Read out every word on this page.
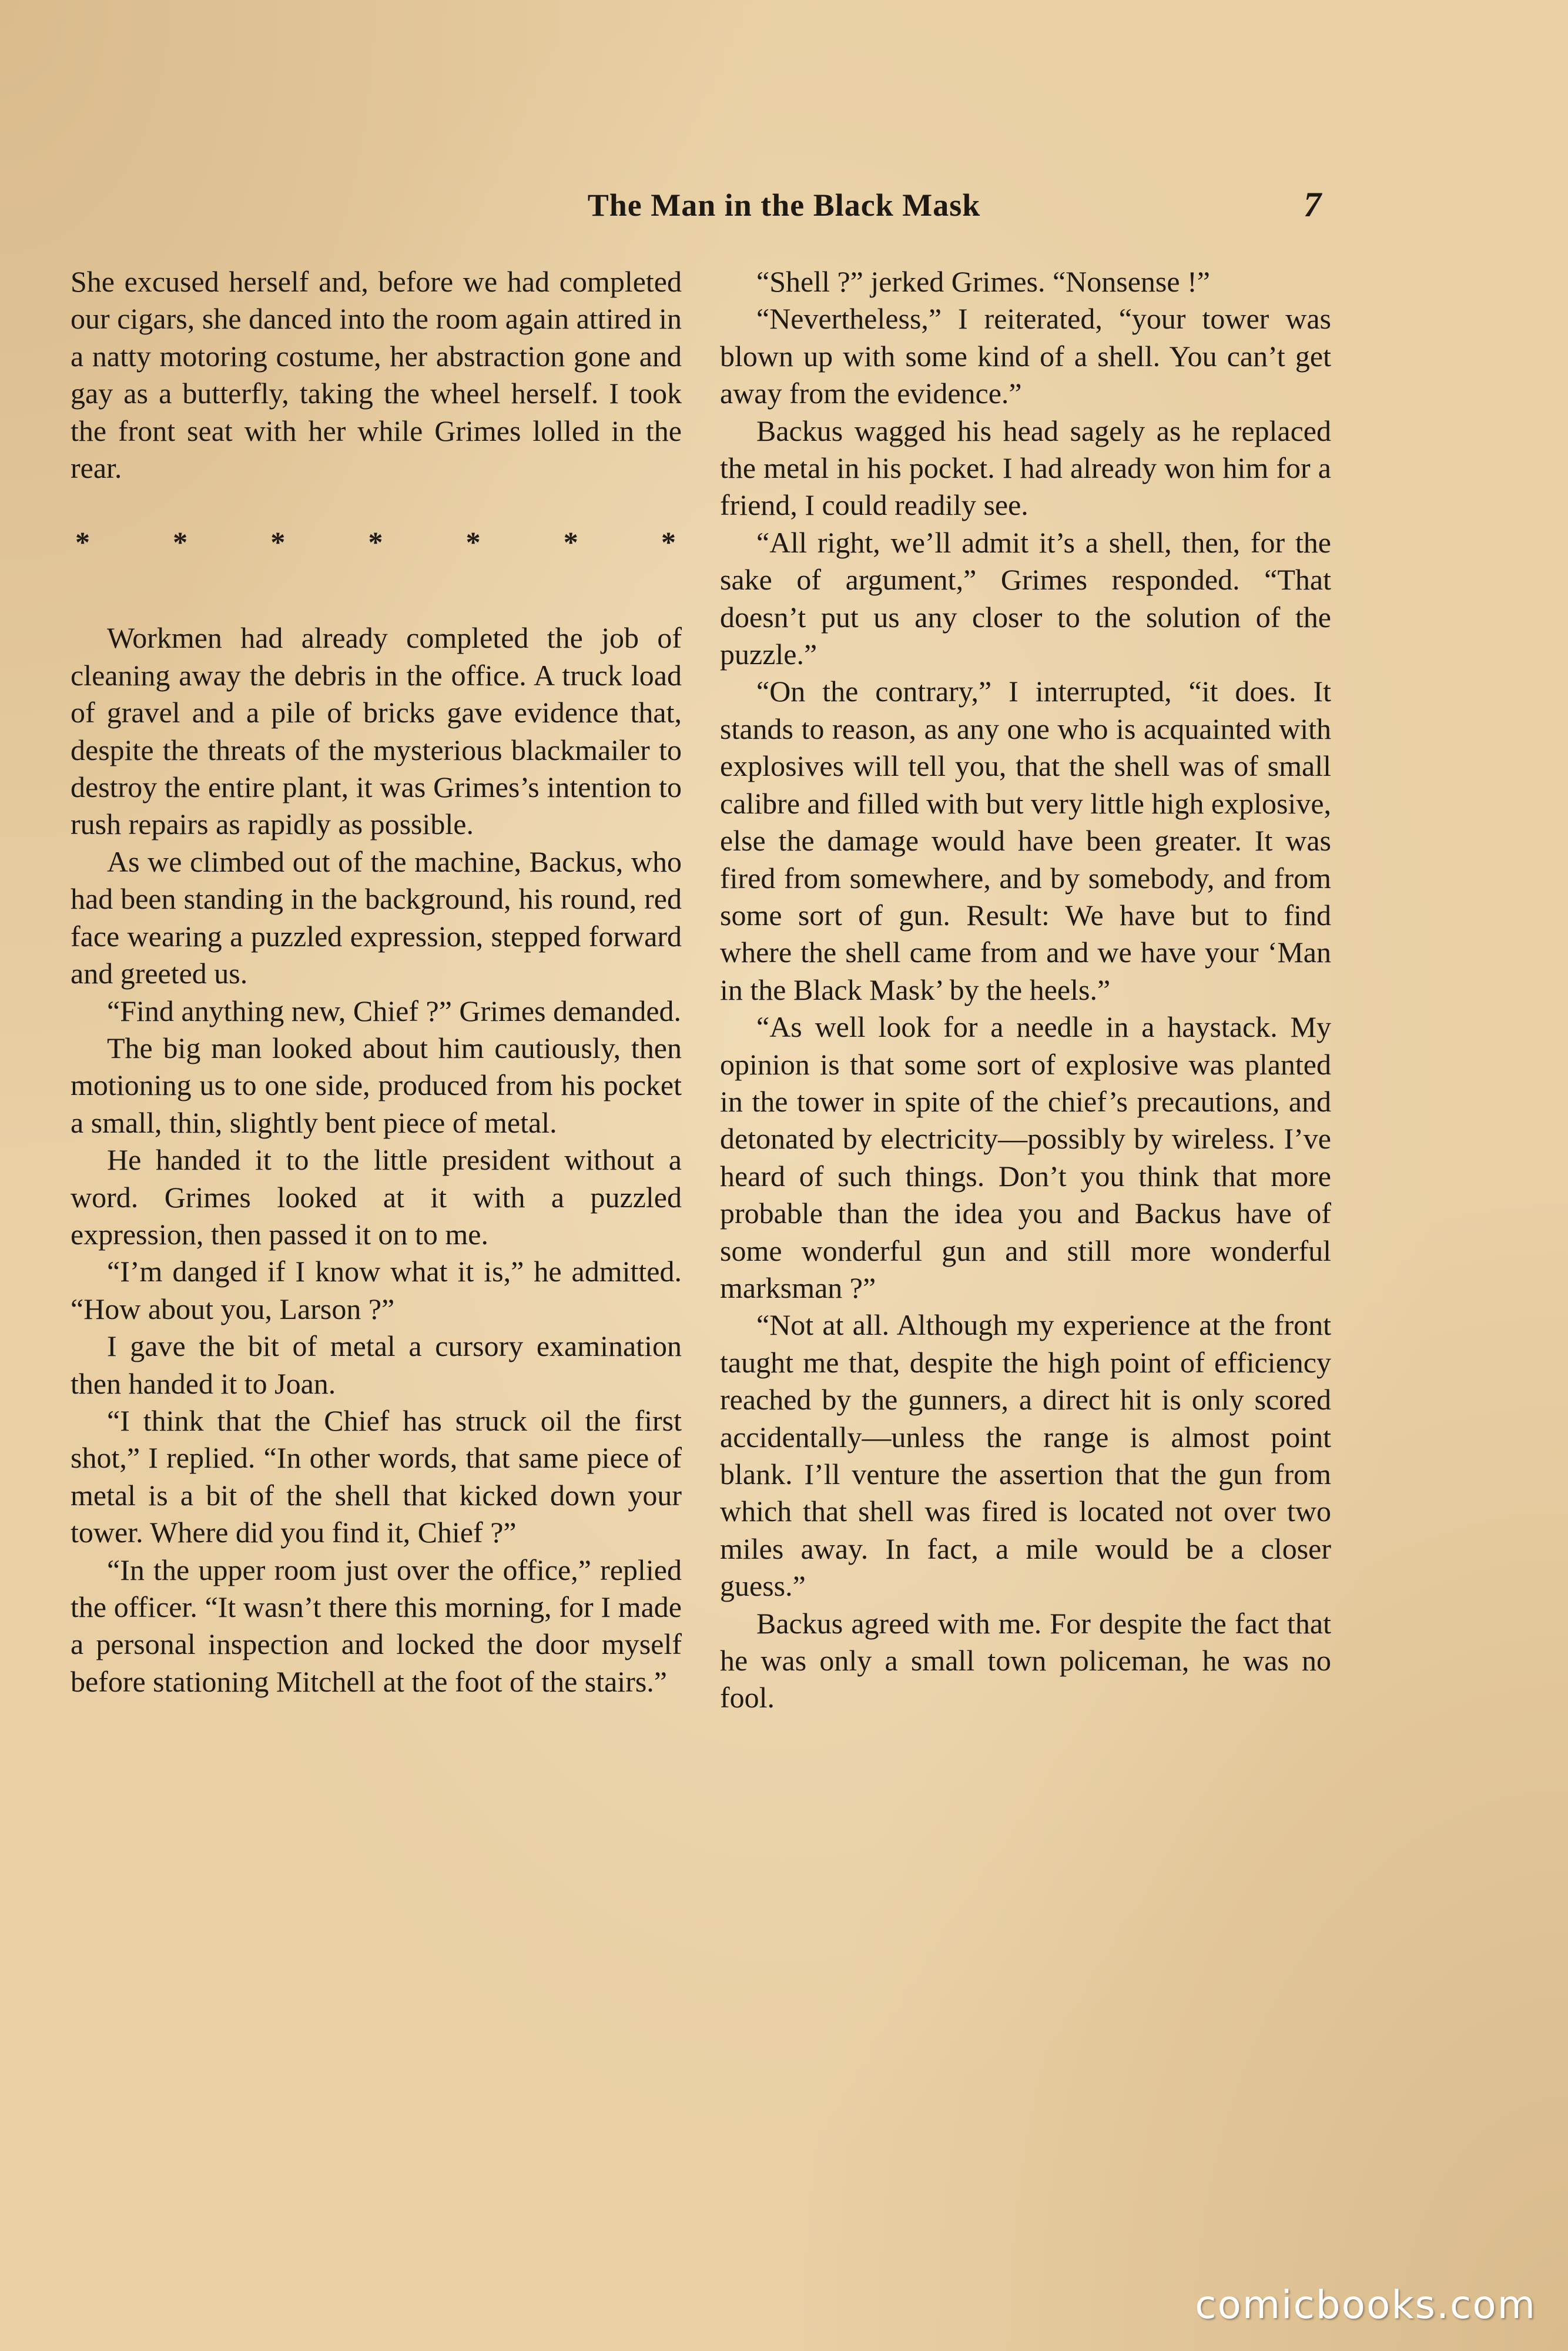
The Man in the Black Mask	7

She excused herself and, before we had completed our cigars, she danced into the room again attired in a natty motoring costume, her abstraction gone and gay as a butterfly, taking the wheel herself. I took the front seat with her while Grimes lolled in the rear.

*	*	*	*	*	*	*

Workmen had already completed the job of cleaning away the debris in the office. A truck load of gravel and a pile of bricks gave evidence that, despite the threats of the mysterious blackmailer to destroy the entire plant, it was Grimes’s intention to rush repairs as rapidly as possible.

As we climbed out of the machine, Backus, who had been standing in the background, his round, red face wearing a puzzled expression, stepped forward and greeted us.

“Find anything new, Chief ?” Grimes demanded.

The big man looked about him cautiously, then motioning us to one side, produced from his pocket a small, thin, slightly bent piece of metal.

He handed it to the little president without a word. Grimes looked at it with a puzzled expression, then passed it on to me.

“I’m danged if I know what it is,” he admitted. “How about you, Larson ?”

I gave the bit of metal a cursory examination then handed it to Joan.

“I think that the Chief has struck oil the first shot,” I replied. “In other words, that same piece of metal is a bit of the shell that kicked down your tower. Where did you find it, Chief ?”

“In the upper room just over the office,” replied the officer. “It wasn’t there this morning, for I made a personal inspection and locked the door myself before stationing Mitchell at the foot of the stairs.”

“Shell ?” jerked Grimes. “Nonsense !”

“Nevertheless,” I reiterated, “your tower was blown up with some kind of a shell. You can’t get away from the evidence.”

Backus wagged his head sagely as he replaced the metal in his pocket. I had already won him for a friend, I could readily see.

“All right, we’ll admit it’s a shell, then, for the sake of argument,” Grimes responded. “That doesn’t put us any closer to the solution of the puzzle.”

“On the contrary,” I interrupted, “it does. It stands to reason, as any one who is acquainted with explosives will tell you, that the shell was of small calibre and filled with but very little high explosive, else the damage would have been greater. It was fired from somewhere, and by somebody, and from some sort of gun. Result: We have but to find where the shell came from and we have your ‘Man in the Black Mask’ by the heels.”

“As well look for a needle in a haystack. My opinion is that some sort of explosive was planted in the tower in spite of the chief’s precautions, and detonated by electricity—possibly by wireless. I’ve heard of such things. Don’t you think that more probable than the idea you and Backus have of some wonderful gun and still more wonderful marksman ?”

“Not at all. Although my experience at the front taught me that, despite the high point of efficiency reached by the gunners, a direct hit is only scored accidentally—unless the range is almost point blank. I’ll venture the assertion that the gun from which that shell was fired is located not over two miles away. In fact, a mile would be a closer guess.”

Backus agreed with me. For despite the fact that he was only a small town policeman, he was no fool.

comicbooks.com
